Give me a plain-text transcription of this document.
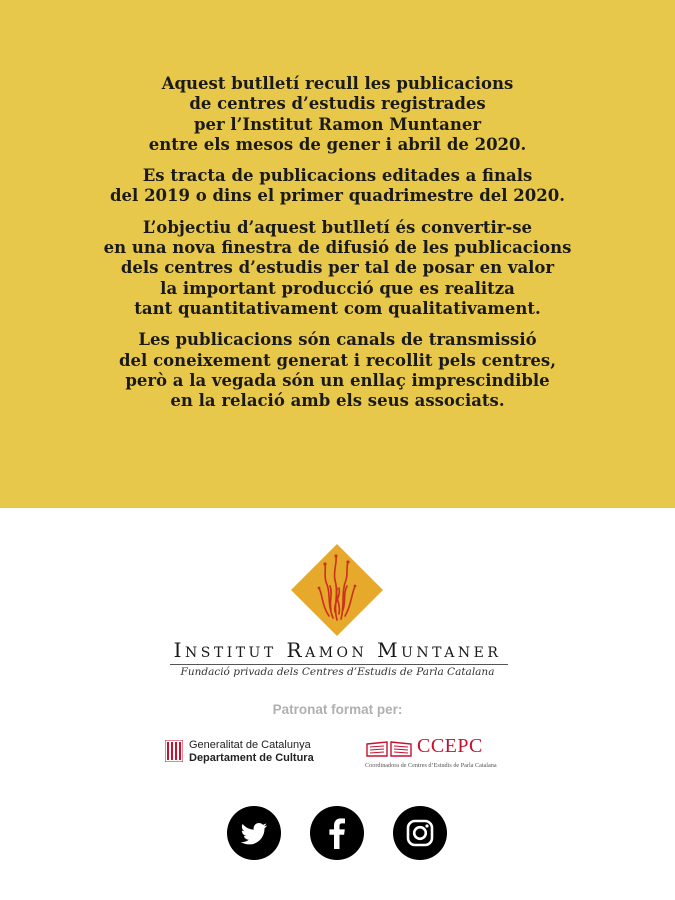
Aquest butlletí recull les publicacions
de centres d’estudis registrades
per l’Institut Ramon Muntaner
entre els mesos de gener i abril de 2020.

Es tracta de publicacions editades a finals
del 2019 o dins el primer quadrimestre del 2020.

L’objectiu d’aquest butlletí és convertir-se
en una nova finestra de difusió de les publicacions
dels centres d’estudis per tal de posar en valor
la important producció que es realitza
tant quantitativament com qualitativament.

Les publicacions són canals de transmissió
del coneixement generat i recollit pels centres,
però a la vegada són un enllaç imprescindible
en la relació amb els seus associats.

Institut Ramon Muntaner
Fundació privada dels Centres d’Estudis de Parla Catalana
Patronat format per:
Generalitat de Catalunya
Departament de Cultura
CCEPC
Coordinadora de Centres d’Estudis de Parla Catalana
